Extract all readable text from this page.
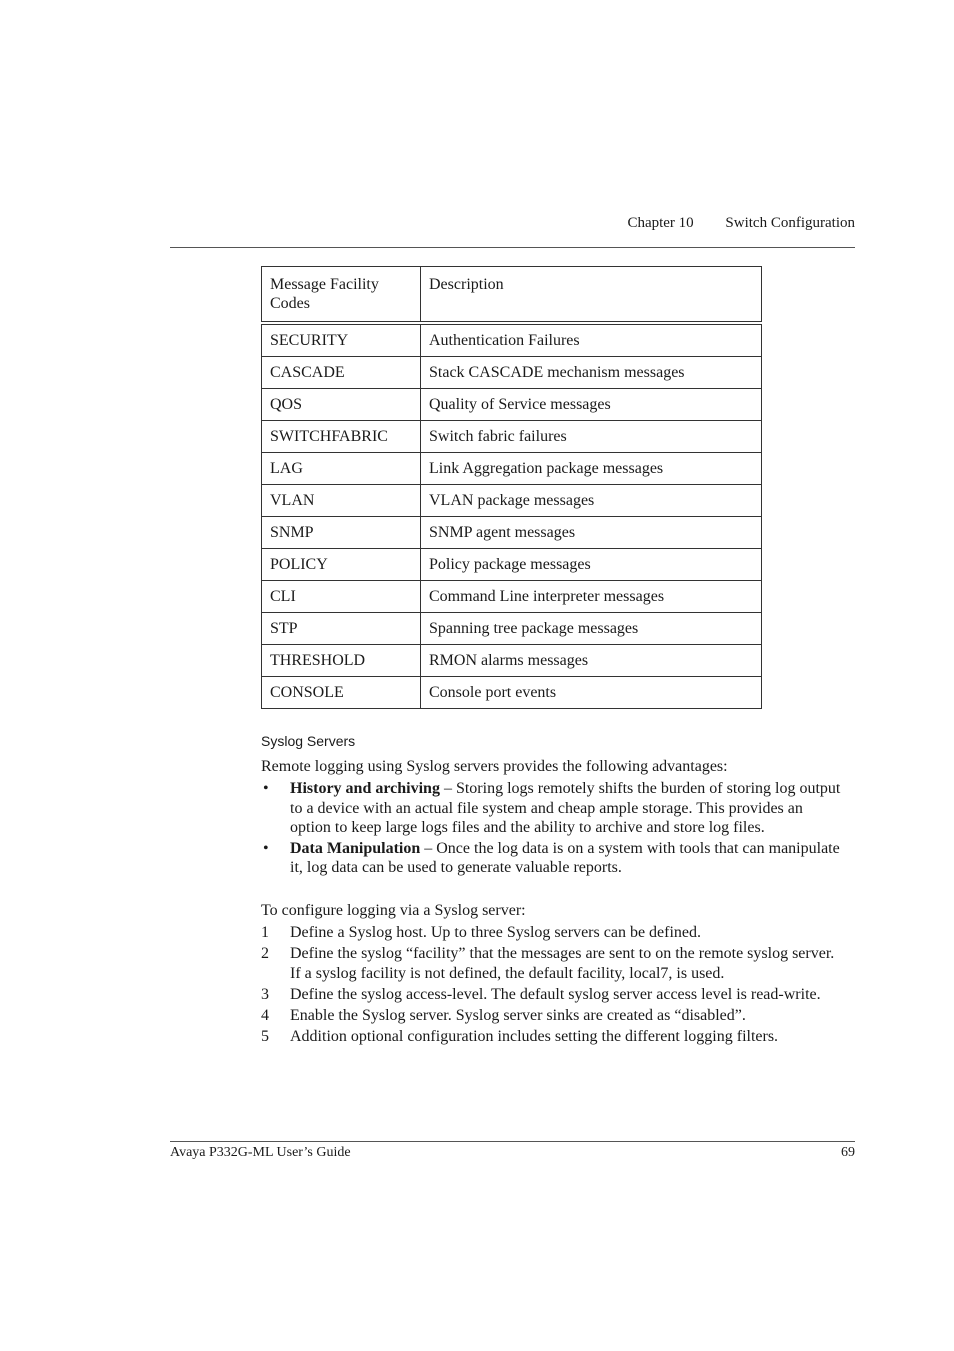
Chapter 10 Switch Configuration
Message Facility Codes	Description
SECURITY	Authentication Failures
CASCADE	Stack CASCADE mechanism messages
QOS	Quality of Service messages
SWITCHFABRIC	Switch fabric failures
LAG	Link Aggregation package messages
VLAN	VLAN package messages
SNMP	SNMP agent messages
POLICY	Policy package messages
CLI	Command Line interpreter messages
STP	Spanning tree package messages
THRESHOLD	RMON alarms messages
CONSOLE	Console port events
Syslog Servers
Remote logging using Syslog servers provides the following advantages:
• History and archiving – Storing logs remotely shifts the burden of storing log output to a device with an actual file system and cheap ample storage. This provides an option to keep large logs files and the ability to archive and store log files.
• Data Manipulation – Once the log data is on a system with tools that can manipulate it, log data can be used to generate valuable reports.
To configure logging via a Syslog server:
1 Define a Syslog host. Up to three Syslog servers can be defined.
2 Define the syslog “facility” that the messages are sent to on the remote syslog server. If a syslog facility is not defined, the default facility, local7, is used.
3 Define the syslog access-level. The default syslog server access level is read-write.
4 Enable the Syslog server. Syslog server sinks are created as “disabled”.
5 Addition optional configuration includes setting the different logging filters.
Avaya P332G-ML User’s Guide	69
